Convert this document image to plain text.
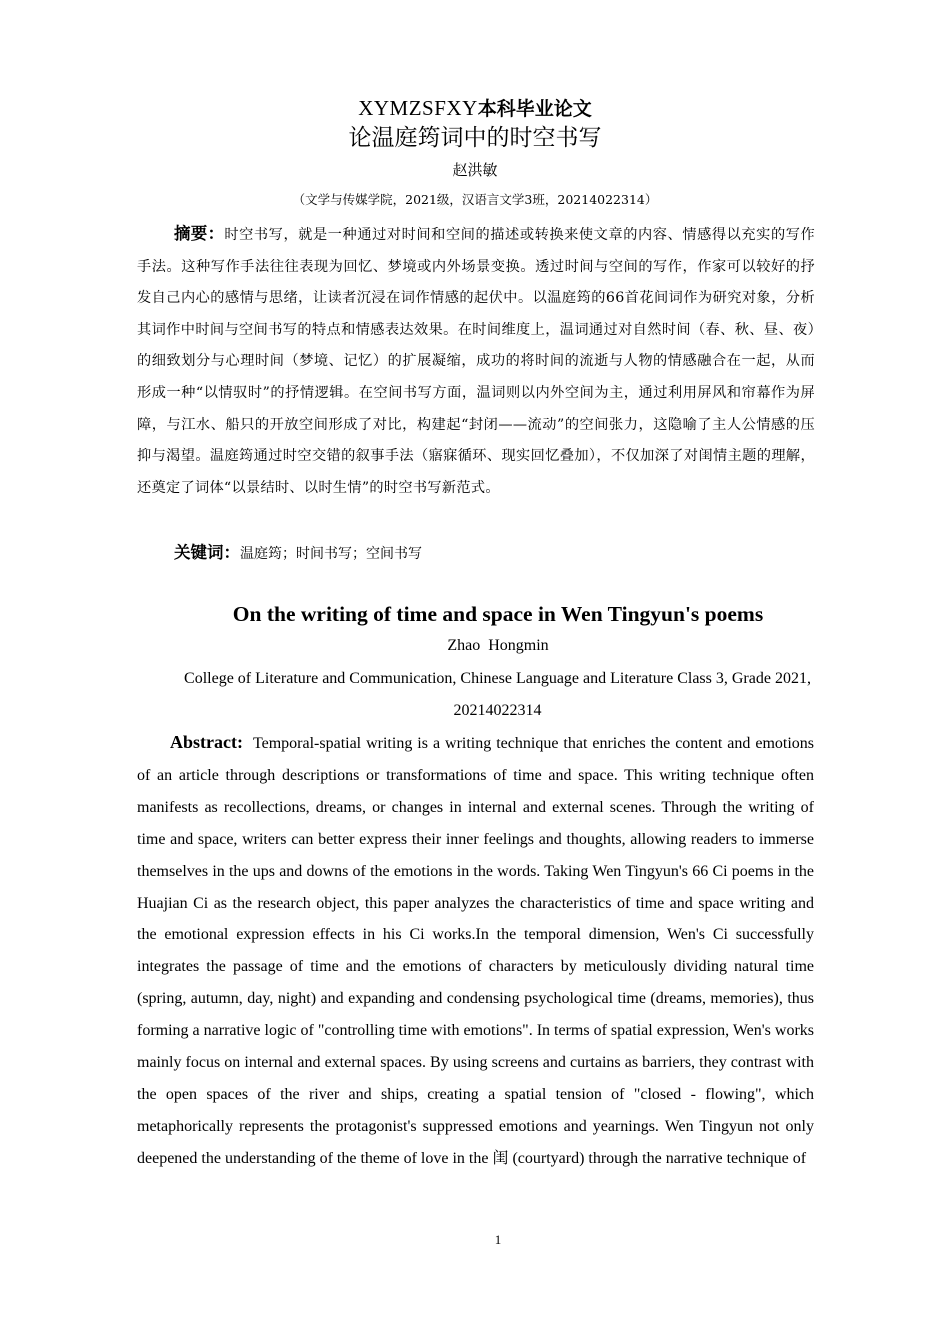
XYMZSFXY本科毕业论文
论温庭筠词中的时空书写
赵洪敏
（文学与传媒学院，2021级，汉语言文学3班，20214022314）
摘要：时空书写，就是一种通过对时间和空间的描述或转换来使文章的内容、情感得以充实的写作手法。这种写作手法往往表现为回忆、梦境或内外场景变换。透过时间与空间的写作，作家可以较好的抒发自己内心的感情与思绪，让读者沉浸在词作情感的起伏中。以温庭筠的66首花间词作为研究对象，分析其词作中时间与空间书写的特点和情感表达效果。在时间维度上，温词通过对自然时间（春、秋、昼、夜）的细致划分与心理时间（梦境、记忆）的扩展凝缩，成功的将时间的流逝与人物的情感融合在一起，从而形成一种“以情驭时”的抒情逻辑。在空间书写方面，温词则以内外空间为主，通过利用屏风和帘幕作为屏障，与江水、船只的开放空间形成了对比，构建起“封闭——流动”的空间张力，这隐喻了主人公情感的压抑与渴望。温庭筠通过时空交错的叙事手法（寤寐循环、现实回忆叠加），不仅加深了对闺情主题的理解，还奠定了词体“以景结时、以时生情”的时空书写新范式。
关键词：温庭筠；时间书写；空间书写
On the writing of time and space in Wen Tingyun's poems
Zhao  Hongmin
College of Literature and Communication, Chinese Language and Literature Class 3, Grade 2021, 20214022314
Abstract: Temporal-spatial writing is a writing technique that enriches the content and emotions of an article through descriptions or transformations of time and space. This writing technique often manifests as recollections, dreams, or changes in internal and external scenes. Through the writing of time and space, writers can better express their inner feelings and thoughts, allowing readers to immerse themselves in the ups and downs of the emotions in the words. Taking Wen Tingyun's 66 Ci poems in the Huajian Ci as the research object, this paper analyzes the characteristics of time and space writing and the emotional expression effects in his Ci works.In the temporal dimension, Wen's Ci successfully integrates the passage of time and the emotions of characters by meticulously dividing natural time (spring, autumn, day, night) and expanding and condensing psychological time (dreams, memories), thus forming a narrative logic of "controlling time with emotions". In terms of spatial expression, Wen's works mainly focus on internal and external spaces. By using screens and curtains as barriers, they contrast with the open spaces of the river and ships, creating a spatial tension of "closed - flowing", which metaphorically represents the protagonist's suppressed emotions and yearnings. Wen Tingyun not only deepened the understanding of the theme of love in the 闺 (courtyard) through the narrative technique of
1
